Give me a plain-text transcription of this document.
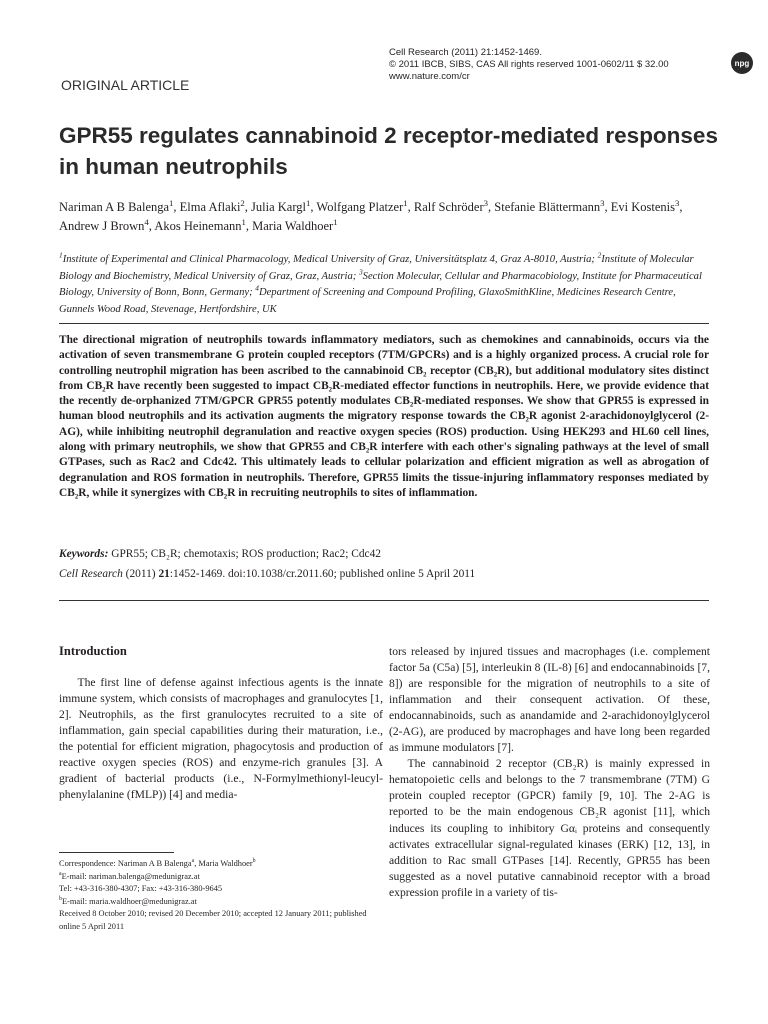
Cell Research (2011) 21:1452-1469.
© 2011 IBCB, SIBS, CAS All rights reserved 1001-0602/11 $ 32.00
www.nature.com/cr
npg
ORIGINAL ARTICLE
GPR55 regulates cannabinoid 2 receptor-mediated responses in human neutrophils
Nariman A B Balenga$^1$, Elma Aflaki$^2$, Julia Kargl$^1$, Wolfgang Platzer$^1$, Ralf Schröder$^3$, Stefanie Blättermann$^3$, Evi Kostenis$^3$, Andrew J Brown$^4$, Akos Heinemann$^1$, Maria Waldhoer$^1$
$^1$Institute of Experimental and Clinical Pharmacology, Medical University of Graz, Universitätsplatz 4, Graz A-8010, Austria; $^2$Institute of Molecular Biology and Biochemistry, Medical University of Graz, Graz, Austria; $^3$Section Molecular, Cellular and Pharmacobiology, Institute for Pharmaceutical Biology, University of Bonn, Bonn, Germany; $^4$Department of Screening and Compound Profiling, GlaxoSmithKline, Medicines Research Centre, Gunnels Wood Road, Stevenage, Hertfordshire, UK
The directional migration of neutrophils towards inflammatory mediators, such as chemokines and cannabinoids, occurs via the activation of seven transmembrane G protein coupled receptors (7TM/GPCRs) and is a highly organized process. A crucial role for controlling neutrophil migration has been ascribed to the cannabinoid CB₂ receptor (CB₂R), but additional modulatory sites distinct from CB₂R have recently been suggested to impact CB₂R-mediated effector functions in neutrophils. Here, we provide evidence that the recently de-orphanized 7TM/GPCR GPR55 potently modulates CB₂R-mediated responses. We show that GPR55 is expressed in human blood neutrophils and its activation augments the migratory response towards the CB₂R agonist 2-arachidonoylglycerol (2-AG), while inhibiting neutrophil degranulation and reactive oxygen species (ROS) production. Using HEK293 and HL60 cell lines, along with primary neutrophils, we show that GPR55 and CB₂R interfere with each other's signaling pathways at the level of small GTPases, such as Rac2 and Cdc42. This ultimately leads to cellular polarization and efficient migration as well as abrogation of degranulation and ROS formation in neutrophils. Therefore, GPR55 limits the tissue-injuring inflammatory responses mediated by CB₂R, while it synergizes with CB₂R in recruiting neutrophils to sites of inflammation.
Keywords: GPR55; CB₂R; chemotaxis; ROS production; Rac2; Cdc42
Cell Research (2011) 21:1452-1469. doi:10.1038/cr.2011.60; published online 5 April 2011
Introduction

The first line of defense against infectious agents is the innate immune system, which consists of macrophages and granulocytes [1, 2]. Neutrophils, as the first granulocytes recruited to a site of inflammation, gain special capabilities during their maturation, i.e., the potential for efficient migration, phagocytosis and production of reactive oxygen species (ROS) and enzyme-rich granules [3]. A gradient of bacterial products (i.e., N-Formylmethionyl-leucyl-phenylalanine (fMLP)) [4] and media-

tors released by injured tissues and macrophages (i.e. complement factor 5a (C5a) [5], interleukin 8 (IL-8) [6] and endocannabinoids [7, 8]) are responsible for the migration of neutrophils to a site of inflammation and their consequent activation. Of these, endocannabinoids, such as anandamide and 2-arachidonoylglycerol (2-AG), are produced by macrophages and have long been regarded as immune modulators [7].

The cannabinoid 2 receptor (CB₂R) is mainly expressed in hematopoietic cells and belongs to the 7 transmembrane (7TM) G protein coupled receptor (GPCR) family [9, 10]. The 2-AG is reported to be the main endogenous CB₂R agonist [11], which induces its coupling to inhibitory Gαᵢ proteins and consequently activates extracellular signal-regulated kinases (ERK) [12, 13], in addition to Rac small GTPases [14]. Recently, GPR55 has been suggested as a novel putative cannabinoid receptor with a broad expression profile in a variety of tis-

Correspondence: Nariman A B Balenga$^a$, Maria Waldhoer$^b$
$^a$E-mail: nariman.balenga@medunigraz.at
Tel: +43-316-380-4307; Fax: +43-316-380-9645
$^b$E-mail: maria.waldhoer@medunigraz.at
Received 8 October 2010; revised 20 December 2010; accepted 12 January 2011; published online 5 April 2011
